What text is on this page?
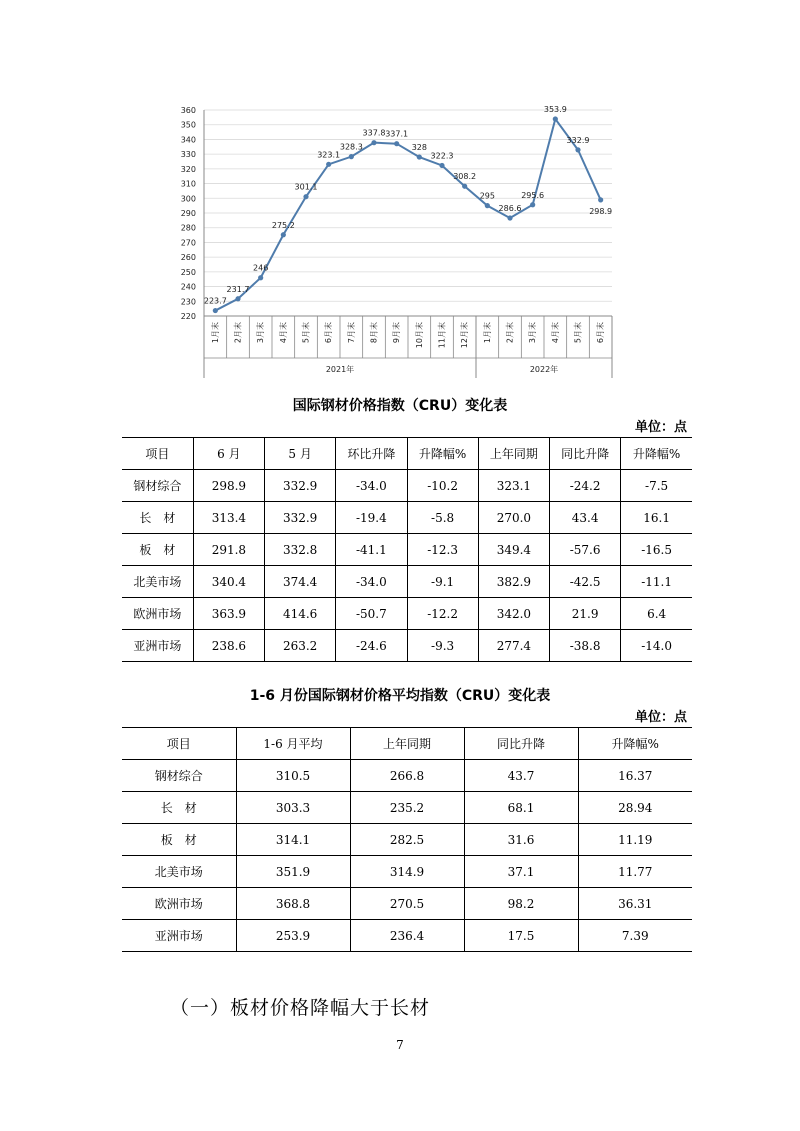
220
230
240
250
260
270
280
290
300
310
320
330
340
350
360
1月末 2月末 3月末 4月末 5月末 6月末 7月末 8月末 9月末 10月末 11月末 12月末 1月末 2月末 3月末 4月末 5月末 6月末
2021年	2022年
223.7
231.7
246
275.2
301.1
323.1
328.3
337.8 337.1
328
322.3
308.2
295
286.6
295.6
353.9
332.9
298.9
国际钢材价格指数（CRU）变化表
单位：点
项目	6 月	5 月	环比升降	升降幅%	上年同期	同比升降	升降幅%
钢材综合	298.9	332.9	-34.0	-10.2	323.1	-24.2	-7.5
长　材	313.4	332.9	-19.4	-5.8	270.0	43.4	16.1
板　材	291.8	332.8	-41.1	-12.3	349.4	-57.6	-16.5
北美市场	340.4	374.4	-34.0	-9.1	382.9	-42.5	-11.1
欧洲市场	363.9	414.6	-50.7	-12.2	342.0	21.9	6.4
亚洲市场	238.6	263.2	-24.6	-9.3	277.4	-38.8	-14.0
1-6 月份国际钢材价格平均指数（CRU）变化表
单位：点
项目	1-6 月平均	上年同期	同比升降	升降幅%
钢材综合	310.5	266.8	43.7	16.37
长　材	303.3	235.2	68.1	28.94
板　材	314.1	282.5	31.6	11.19
北美市场	351.9	314.9	37.1	11.77
欧洲市场	368.8	270.5	98.2	36.31
亚洲市场	253.9	236.4	17.5	7.39
（一）板材价格降幅大于长材
7
